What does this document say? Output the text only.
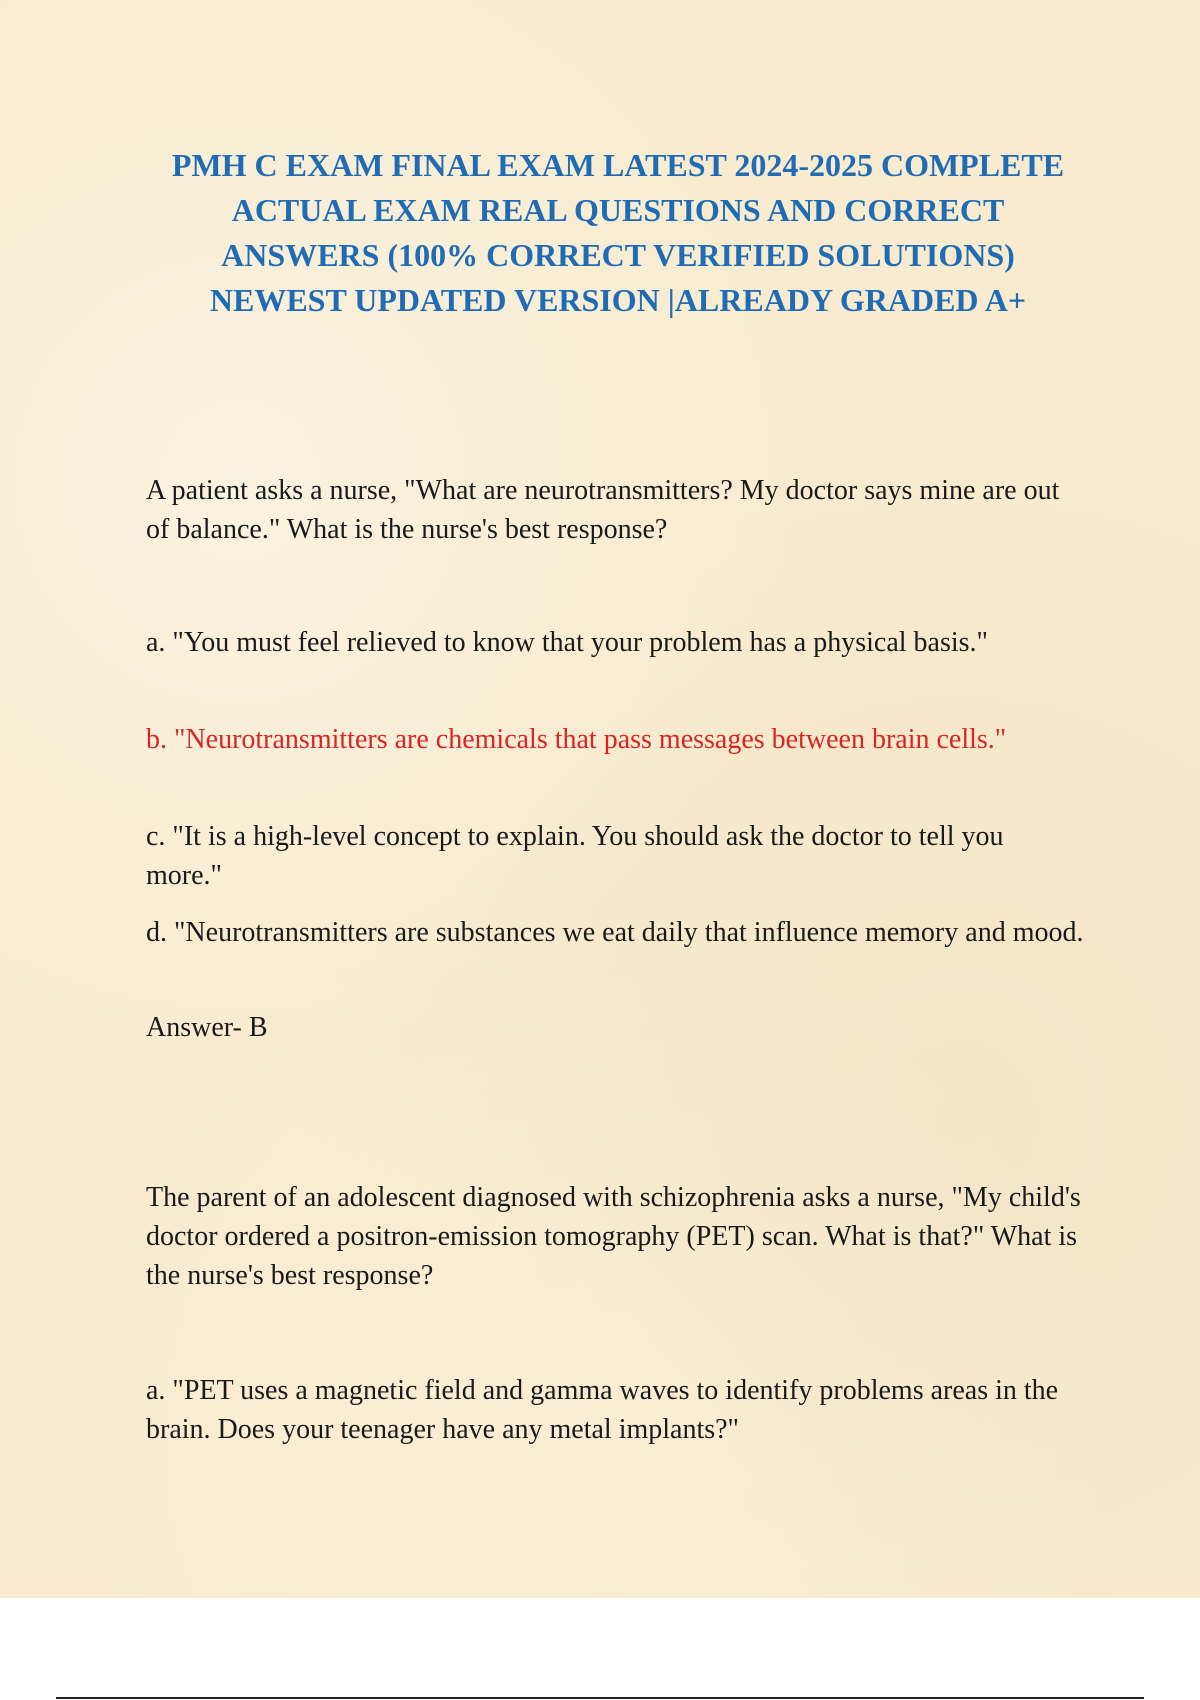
PMH C EXAM FINAL EXAM LATEST 2024-2025 COMPLETE ACTUAL EXAM REAL QUESTIONS AND CORRECT ANSWERS (100% CORRECT VERIFIED SOLUTIONS) NEWEST UPDATED VERSION |ALREADY GRADED A+

A patient asks a nurse, "What are neurotransmitters? My doctor says mine are out of balance." What is the nurse's best response?

a. "You must feel relieved to know that your problem has a physical basis."

b. "Neurotransmitters are chemicals that pass messages between brain cells."

c. "It is a high-level concept to explain. You should ask the doctor to tell you more."

d. "Neurotransmitters are substances we eat daily that influence memory and mood.

Answer- B

The parent of an adolescent diagnosed with schizophrenia asks a nurse, "My child's doctor ordered a positron-emission tomography (PET) scan. What is that?" What is the nurse's best response?

a. "PET uses a magnetic field and gamma waves to identify problems areas in the brain. Does your teenager have any metal implants?"
